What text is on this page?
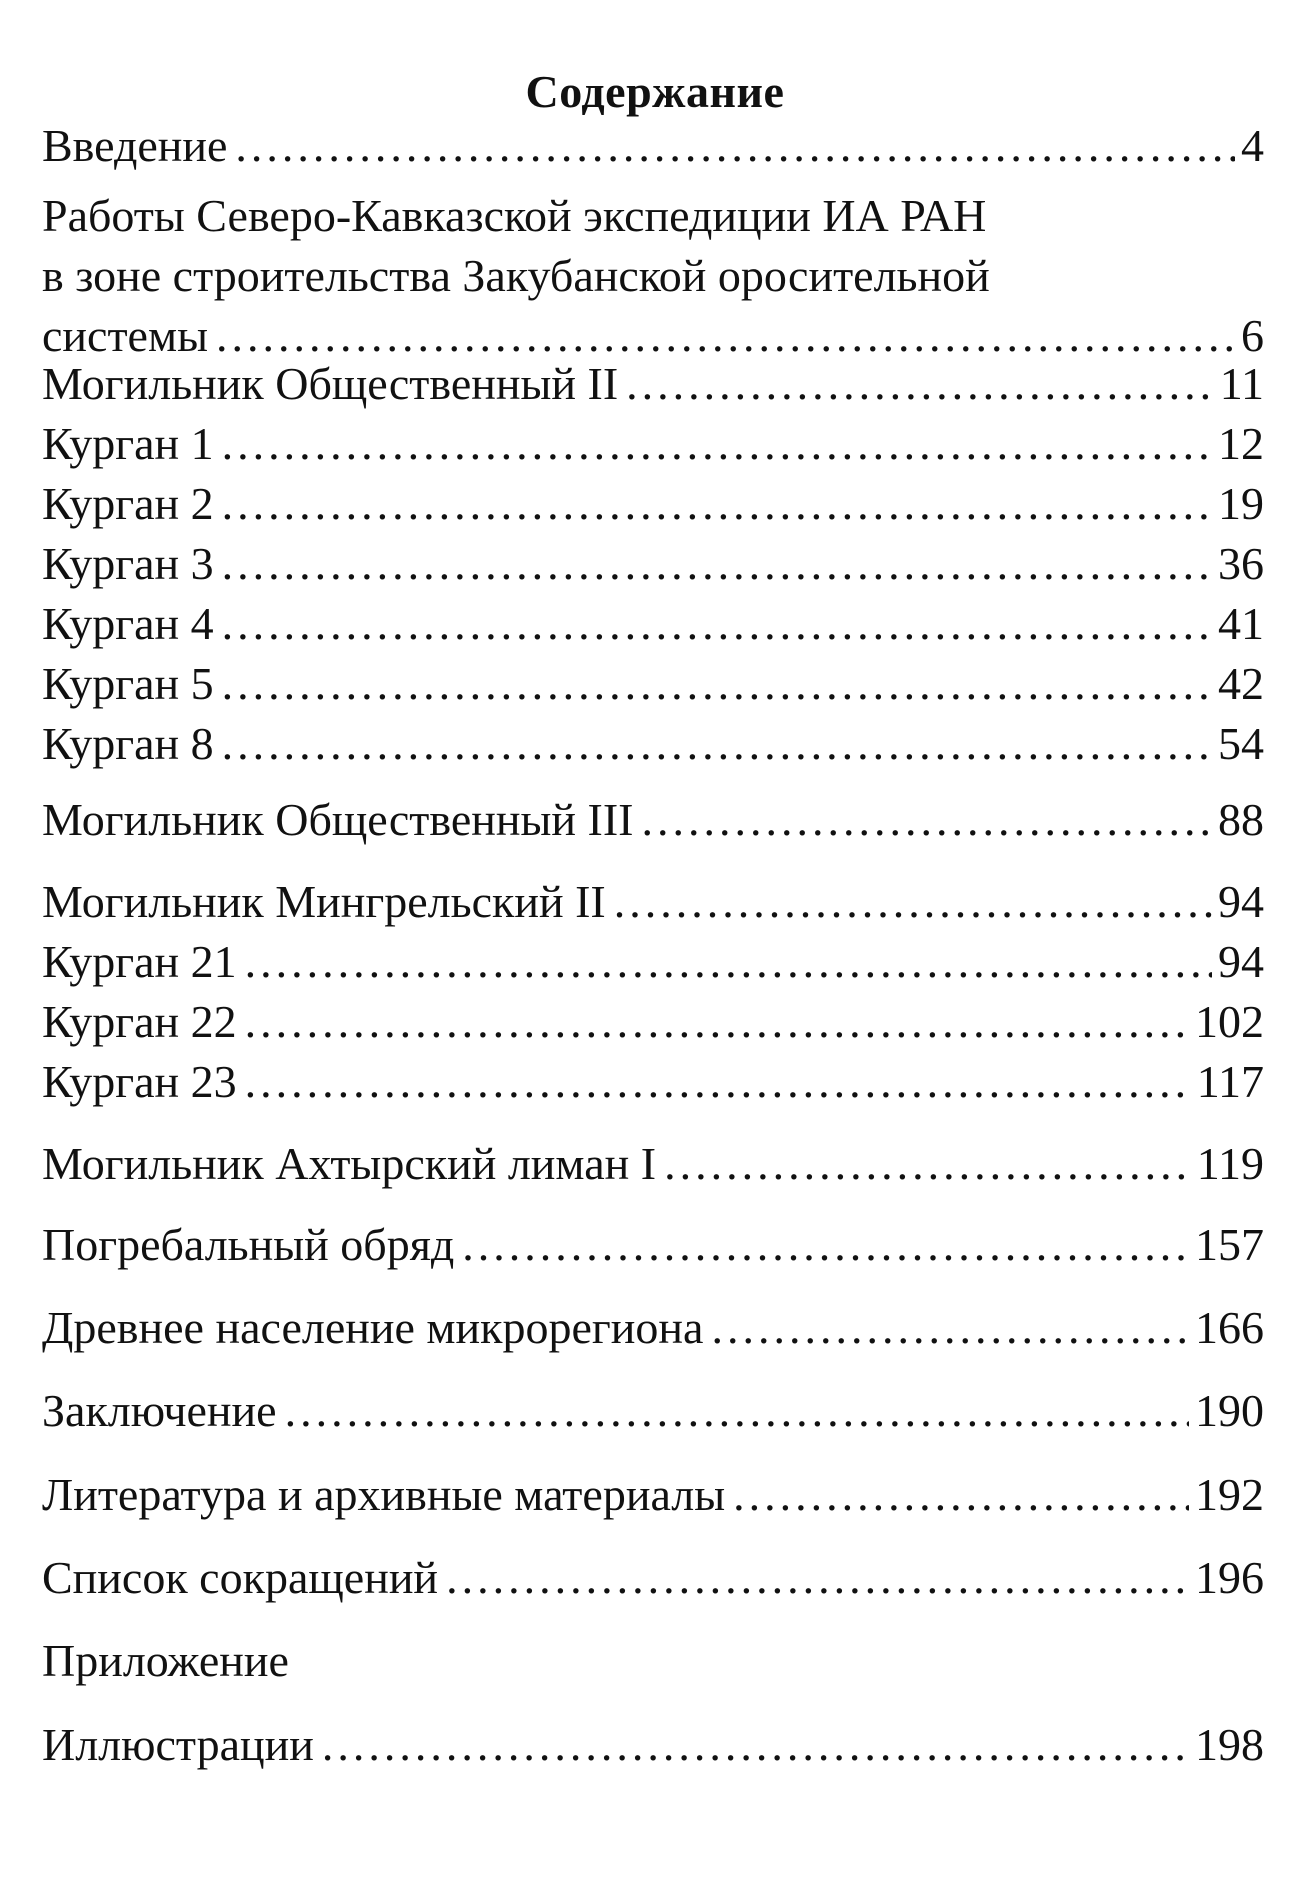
Содержание
Введение .....	4
Работы Северо-Кавказской экспедиции ИА РАН
в зоне строительства Закубанской оросительной
системы .....	6
Могильник Общественный II .....	11
Курган 1 .....	12
Курган 2 .....	19
Курган 3 .....	36
Курган 4 .....	41
Курган 5 .....	42
Курган 8 .....	54
Могильник Общественный III .....	88
Могильник Мингрельский II .....	94
Курган 21 .....	94
Курган 22 .....	102
Курган 23 .....	117
Могильник Ахтырский лиман I .....	119
Погребальный обряд .....	157
Древнее население микрорегиона .....	166
Заключение .....	190
Литература и архивные материалы .....	192
Список сокращений .....	196
Приложение
Иллюстрации .....	198
